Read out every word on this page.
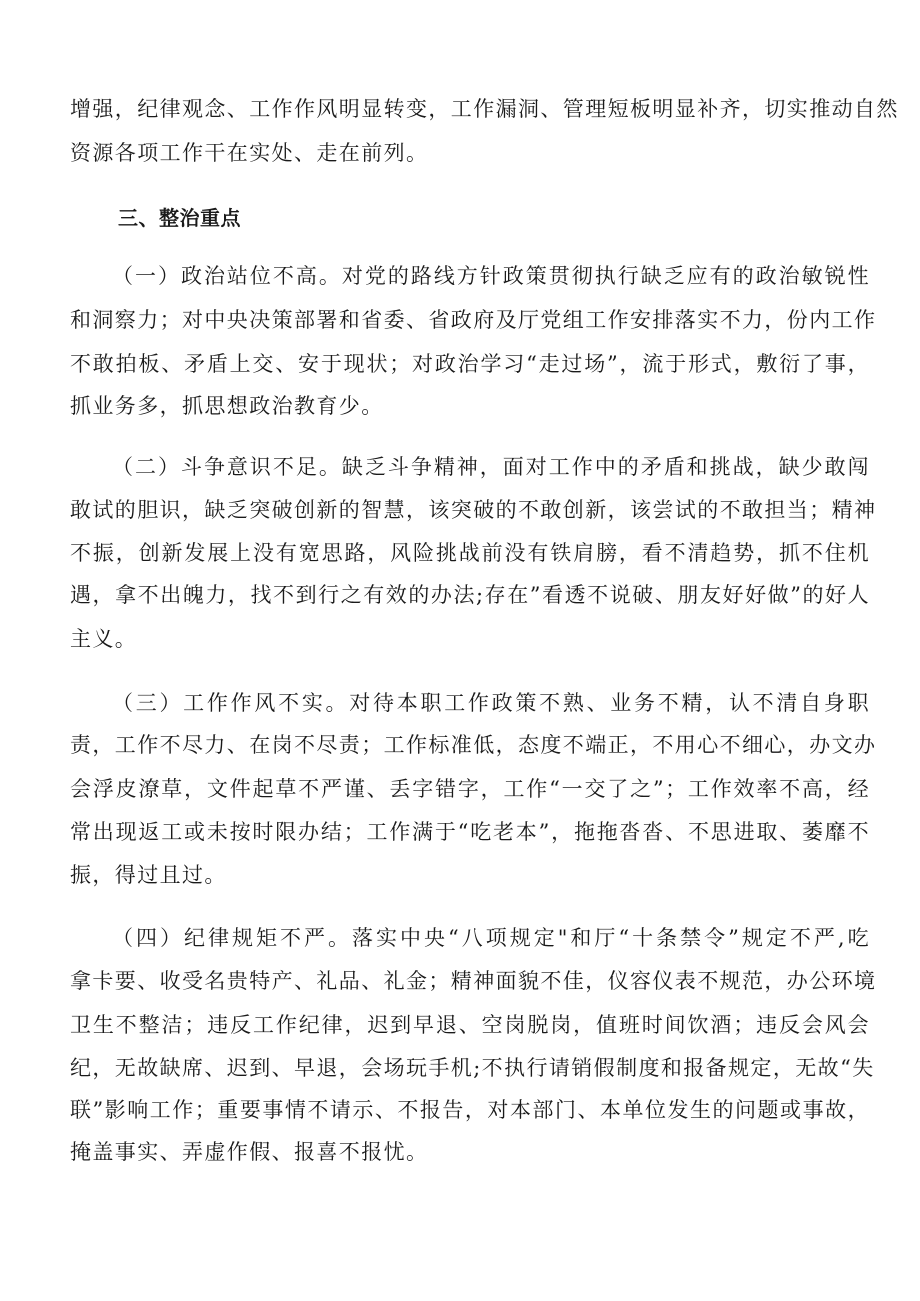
增强，纪律观念、工作作风明显转变，工作漏洞、管理短板明显补齐，切实推动自然
资源各项工作干在实处、走在前列。
三、整治重点
（一）政治站位不高。对党的路线方针政策贯彻执行缺乏应有的政治敏锐性
和洞察力；对中央决策部署和省委、省政府及厅党组工作安排落实不力，份内工作
不敢拍板、矛盾上交、安于现状；对政治学习“走过场”，流于形式，敷衍了事，
抓业务多，抓思想政治教育少。
（二）斗争意识不足。缺乏斗争精神，面对工作中的矛盾和挑战，缺少敢闯
敢试的胆识，缺乏突破创新的智慧，该突破的不敢创新，该尝试的不敢担当；精神
不振，创新发展上没有宽思路，风险挑战前没有铁肩膀，看不清趋势，抓不住机
遇，拿不出魄力，找不到行之有效的办法;存在”看透不说破、朋友好好做”的好人
主义。
（三）工作作风不实。对待本职工作政策不熟、业务不精，认不清自身职
责，工作不尽力、在岗不尽责；工作标准低，态度不端正，不用心不细心，办文办
会浮皮潦草，文件起草不严谨、丢字错字，工作“一交了之”；工作效率不高，经
常出现返工或未按时限办结；工作满于“吃老本”，拖拖沓沓、不思进取、萎靡不
振，得过且过。
（四）纪律规矩不严。落实中央“八项规定"和厅“十条禁令”规定不严,吃
拿卡要、收受名贵特产、礼品、礼金；精神面貌不佳，仪容仪表不规范，办公环境
卫生不整洁；违反工作纪律，迟到早退、空岗脱岗，值班时间饮酒；违反会风会
纪，无故缺席、迟到、早退，会场玩手机;不执行请销假制度和报备规定，无故“失
联”影响工作；重要事情不请示、不报告，对本部门、本单位发生的问题或事故，
掩盖事实、弄虚作假、报喜不报忧。
